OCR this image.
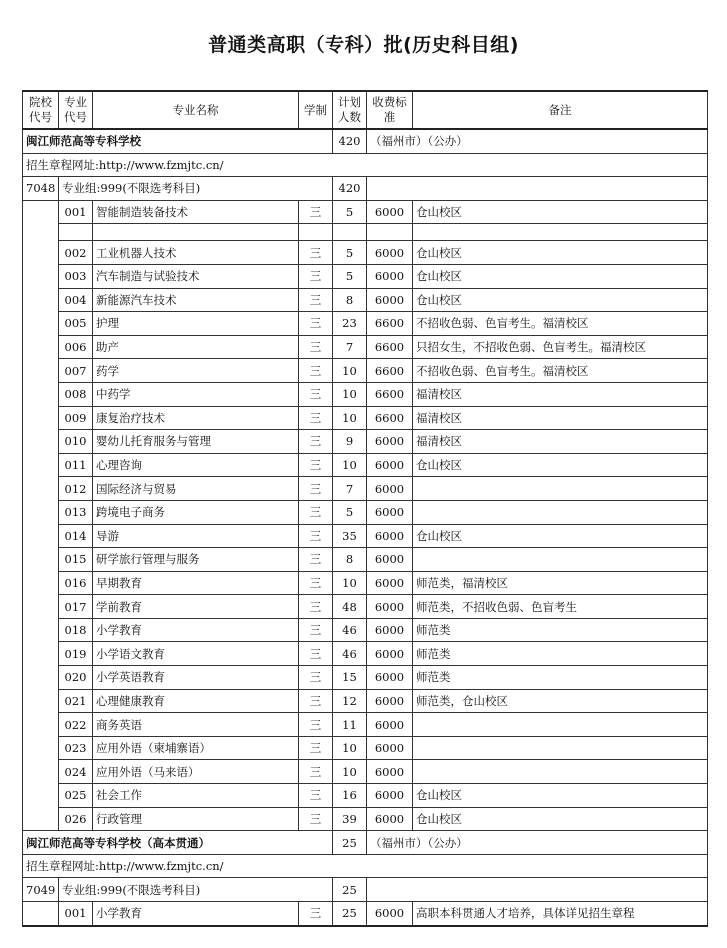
普通类高职（专科）批(历史科目组)
院校代号	专业代号	专业名称	学制	计划人数	收费标准	备注
闽江师范高等专科学校				420	（福州市）（公办）	
招生章程网址:http://www.fzmjtc.cn/						
7048	专业组:999(不限选考科目)			420		
	001	智能制造装备技术	三	5	6000	仓山校区

	002	工业机器人技术	三	5	6000	仓山校区
	003	汽车制造与试验技术	三	5	6000	仓山校区
	004	新能源汽车技术	三	8	6000	仓山校区
	005	护理	三	23	6600	不招收色弱、色盲考生。福清校区
	006	助产	三	7	6600	只招女生，不招收色弱、色盲考生。福清校区
	007	药学	三	10	6600	不招收色弱、色盲考生。福清校区
	008	中药学	三	10	6600	福清校区
	009	康复治疗技术	三	10	6600	福清校区
	010	婴幼儿托育服务与管理	三	9	6000	福清校区
	011	心理咨询	三	10	6000	仓山校区
	012	国际经济与贸易	三	7	6000	
	013	跨境电子商务	三	5	6000	
	014	导游	三	35	6000	仓山校区
	015	研学旅行管理与服务	三	8	6000	
	016	早期教育	三	10	6000	师范类，福清校区
	017	学前教育	三	48	6000	师范类，不招收色弱、色盲考生
	018	小学教育	三	46	6000	师范类
	019	小学语文教育	三	46	6000	师范类
	020	小学英语教育	三	15	6000	师范类
	021	心理健康教育	三	12	6000	师范类，仓山校区
	022	商务英语	三	11	6000	
	023	应用外语（柬埔寨语）	三	10	6000	
	024	应用外语（马来语）	三	10	6000	
	025	社会工作	三	16	6000	仓山校区
	026	行政管理	三	39	6000	仓山校区
闽江师范高等专科学校（高本贯通）				25	（福州市）（公办）	
招生章程网址:http://www.fzmjtc.cn/						
7049	专业组:999(不限选考科目)			25		
	001	小学教育	三	25	6000	高职本科贯通人才培养，具体详见招生章程
